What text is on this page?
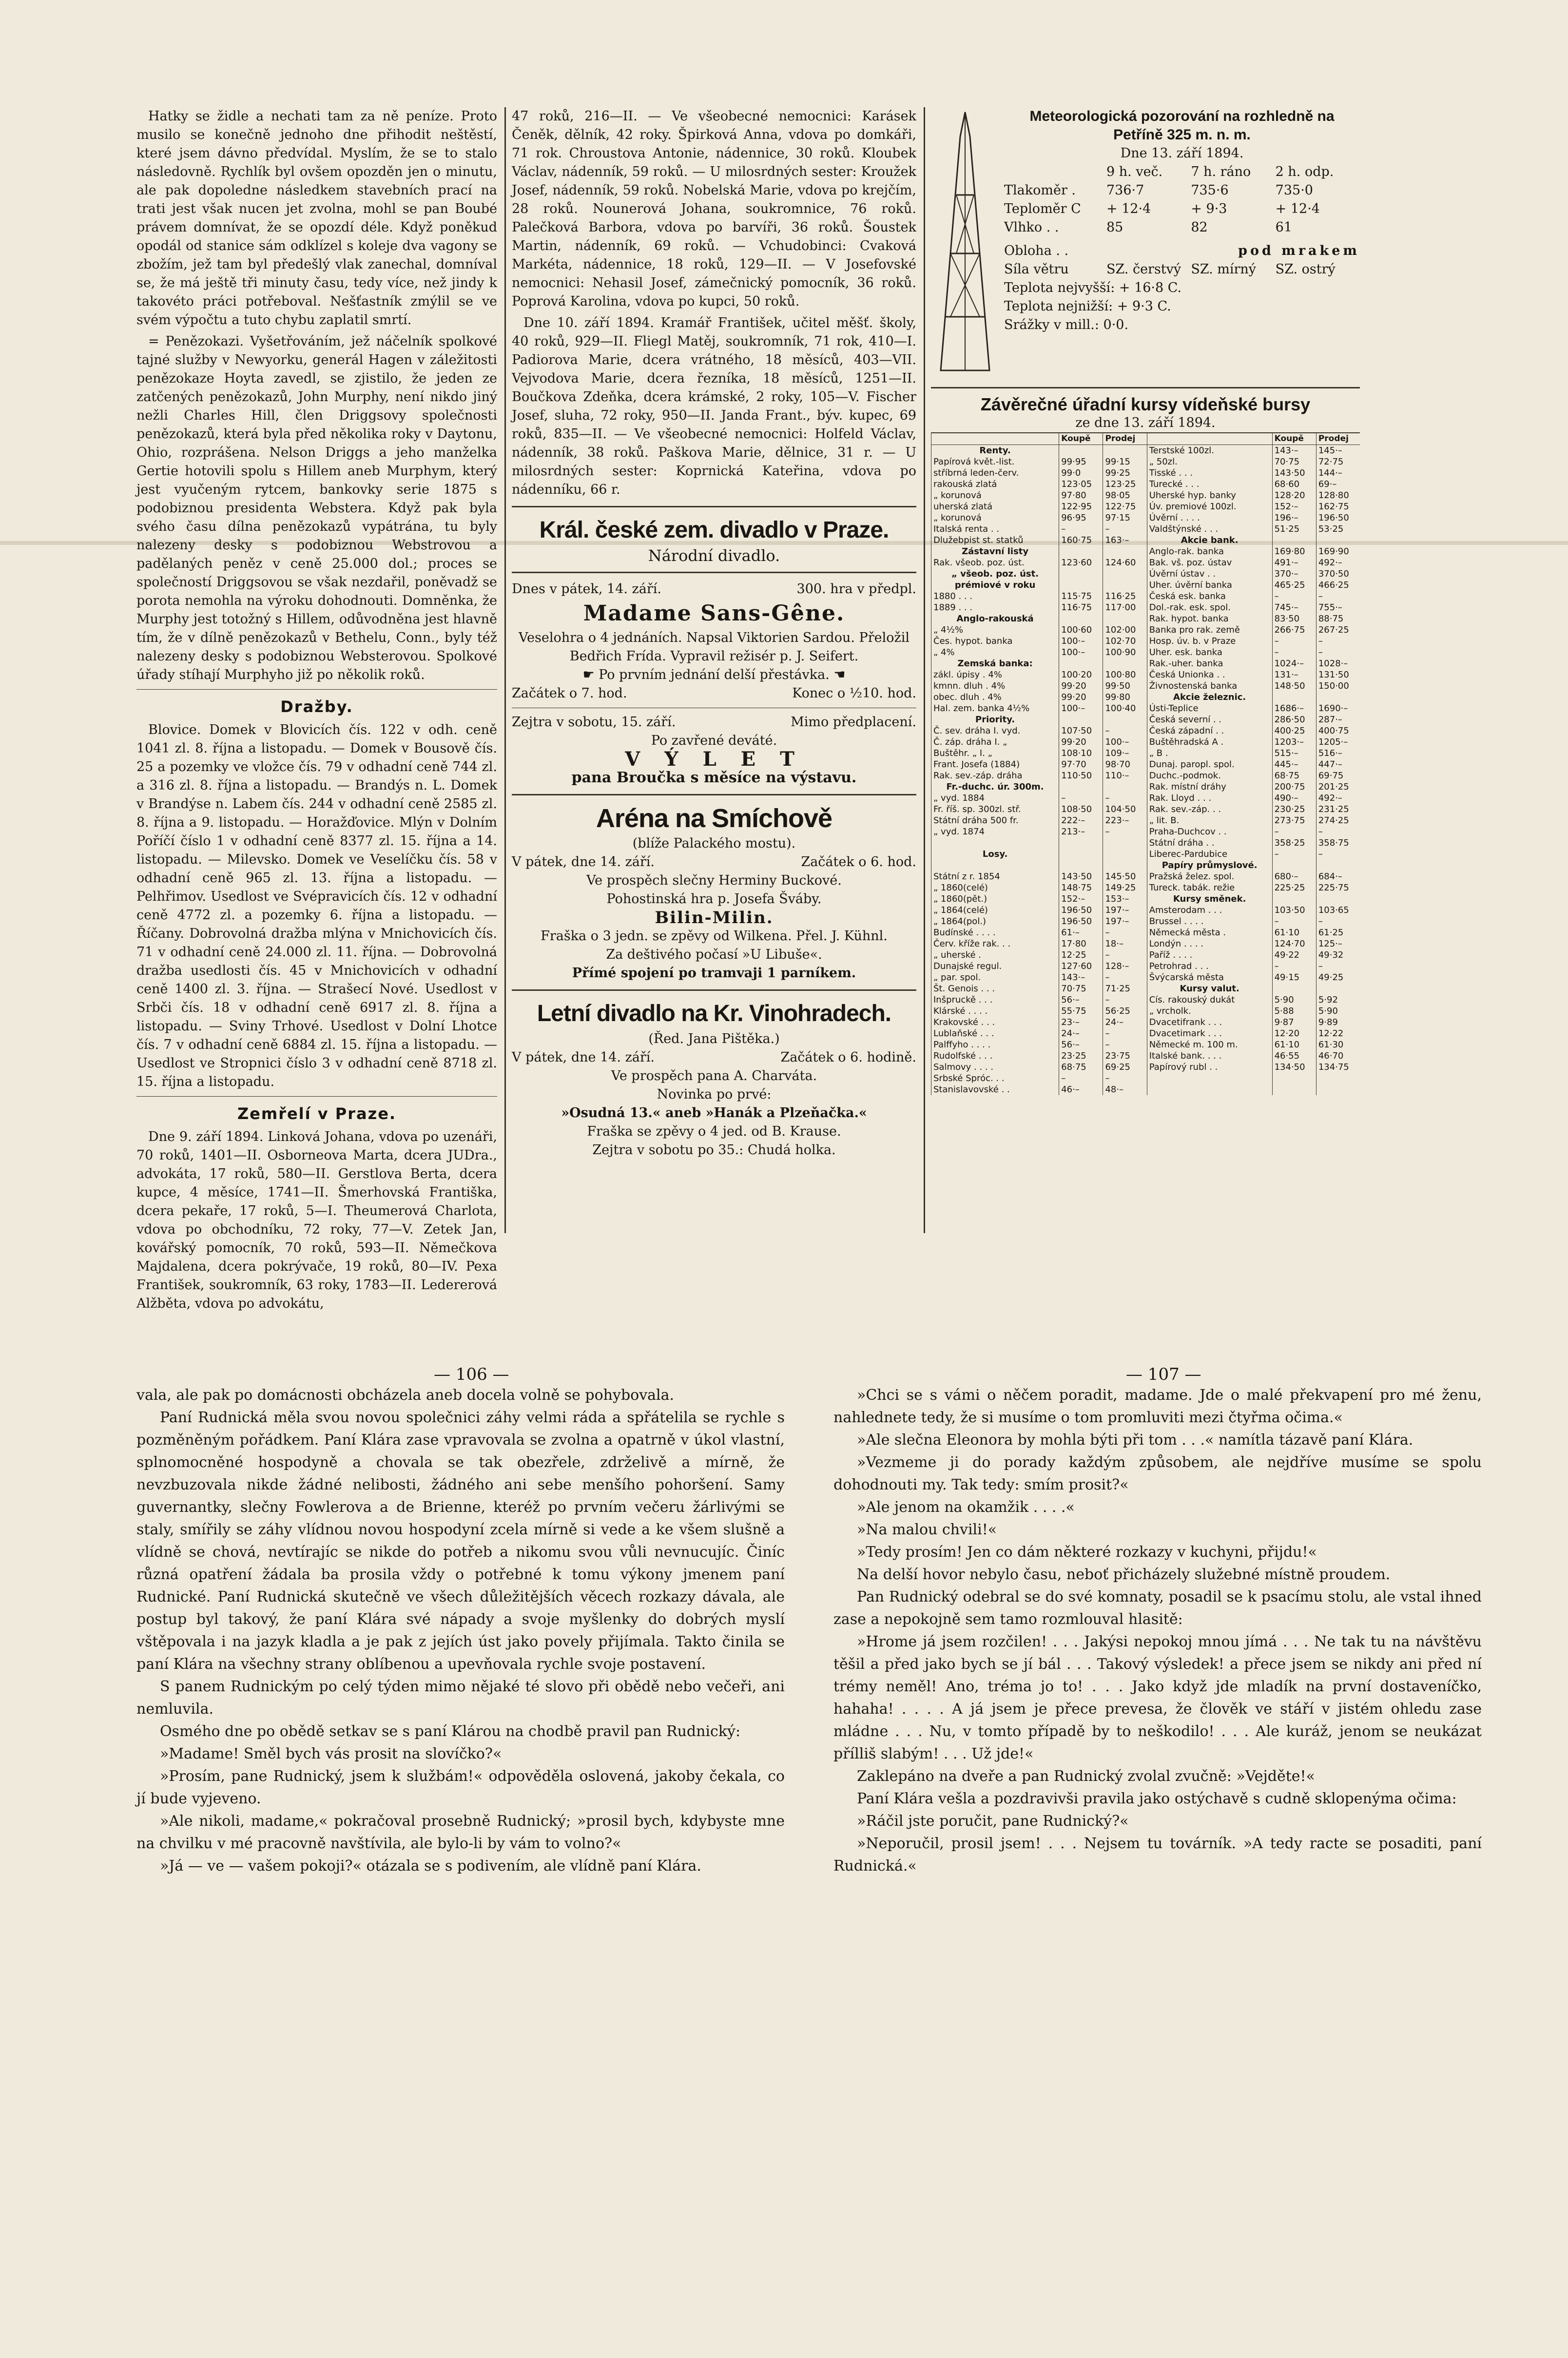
Hatky se židle a nechati tam za ně peníze. Proto musilo se konečně jednoho dne přihodit neštěstí, které jsem dávno předvídal. Myslím, že se to stalo následovně. Rychlík byl ovšem opozděn jen o minutu, ale pak dopoledne následkem stavebních prací na trati jest však nucen jet zvolna, mohl se pan Boubé právem domnívat, že se opozdí déle. Když poněkud opodál od stanice sám odklízel s koleje dva vagony se zbožím, jež tam byl předešlý vlak zanechal, domníval se, že má ještě tři minuty času, tedy více, než jindy k takovéto práci potřeboval. Nešťastník zmýlil se ve svém výpočtu a tuto chybu zaplatil smrtí.

= Penězokazi. Vyšetřováním, jež náčelník spolkové tajné služby v Newyorku, generál Hagen v záležitosti penězokaze Hoyta zavedl, se zjistilo, že jeden ze zatčených penězokazů, John Murphy, není nikdo jiný nežli Charles Hill, člen Driggsovy společnosti penězokazů, která byla před několika roky v Daytonu, Ohio, rozprášena. Nelson Driggs a jeho manželka Gertie hotovili spolu s Hillem aneb Murphym, který jest vyučeným rytcem, bankovky serie 1875 s podobiznou presidenta Webstera. Když pak byla svého času dílna penězokazů vypátrána, tu byly nalezeny desky s podobiznou Webstrovou a padělaných peněz v ceně 25.000 dol.; proces se společností Driggsovou se však nezdařil, poněvadž se porota nemohla na výroku dohodnouti. Domněnka, že Murphy jest totožný s Hillem, odůvodněna jest hlavně tím, že v dílně penězokazů v Bethelu, Conn., byly též nalezeny desky s podobiznou Websterovou. Spolkové úřady stíhají Murphyho již po několik roků.

Dražby.

Blovice. Domek v Blovicích čís. 122 v odh. ceně 1041 zl. 8. října a listopadu. — Domek v Bousově čís. 25 a pozemky ve vložce čís. 79 v odhadní ceně 744 zl. a 316 zl. 8. října a listopadu. — Brandýs n. L. Domek v Brandýse n. Labem čís. 244 v odhadní ceně 2585 zl. 8. října a 9. listopadu. — Horažďovice. Mlýn v Dolním Poříčí číslo 1 v odhadní ceně 8377 zl. 15. října a 14. listopadu. — Milevsko. Domek ve Veselíčku čís. 58 v odhadní ceně 965 zl. 13. října a listopadu. — Pelhřimov. Usedlost ve Svépravicích čís. 12 v odhadní ceně 4772 zl. a pozemky 6. října a listopadu. — Říčany. Dobrovolná dražba mlýna v Mnichovicích čís. 71 v odhadní ceně 24.000 zl. 11. října. — Dobrovolná dražba usedlosti čís. 45 v Mnichovicích v odhadní ceně 1400 zl. 3. října. — Strašecí Nové. Usedlost v Srbči čís. 18 v odhadní ceně 6917 zl. 8. října a listopadu. — Sviny Trhové. Usedlost v Dolní Lhotce čís. 7 v odhadní ceně 6884 zl. 15. října a listopadu. — Usedlost ve Stropnici číslo 3 v odhadní ceně 8718 zl. 15. října a listopadu.

Zemřelí v Praze.

Dne 9. září 1894. Linková Johana, vdova po uzenáři, 70 roků, 1401—II. Osborneova Marta, dcera JUDra., advokáta, 17 roků, 580—II. Gerstlova Berta, dcera kupce, 4 měsíce, 1741—II. Šmerhovská Františka, dcera pekaře, 17 roků, 5—I. Theumerová Charlota, vdova po obchodníku, 72 roky, 77—V. Zetek Jan, kovářský pomocník, 70 roků, 593—II. Němečkova Majdalena, dcera pokrývače, 19 roků, 80—IV. Pexa František, soukromník, 63 roky, 1783—II. Ledererová Alžběta, vdova po advokátu,

47 roků, 216—II. — Ve všeobecné nemocnici: Karásek Čeněk, dělník, 42 roky. Špirková Anna, vdova po domkáři, 71 rok. Chroustova Antonie, nádennice, 30 roků. Kloubek Václav, nádenník, 59 roků. — U milosrdných sester: Kroužek Josef, nádenník, 59 roků. Nobelská Marie, vdova po krejčím, 28 roků. Nounerová Johana, soukromnice, 76 roků. Palečková Barbora, vdova po barvíři, 36 roků. Šoustek Martin, nádenník, 69 roků. — Vchudobinci: Cvaková Markéta, nádennice, 18 roků, 129—II. — V Josefovské nemocnici: Nehasil Josef, zámečnický pomocník, 36 roků. Poprová Karolina, vdova po kupci, 50 roků.

Dne 10. září 1894. Kramář František, učitel měšť. školy, 40 roků, 929—II. Fliegl Matěj, soukromník, 71 rok, 410—I. Padiorova Marie, dcera vrátného, 18 měsíců, 403—VII. Vejvodova Marie, dcera řezníka, 18 měsíců, 1251—II. Boučkova Zdeňka, dcera krámské, 2 roky, 105—V. Fischer Josef, sluha, 72 roky, 950—II. Janda Frant., býv. kupec, 69 roků, 835—II. — Ve všeobecné nemocnici: Holfeld Václav, nádenník, 38 roků. Paškova Marie, dělnice, 31 r. — U milosrdných sester: Koprnická Kateřina, vdova po nádenníku, 66 r.

Král. české zem. divadlo v Praze.
Národní divadlo.
Dnes v pátek, 14. září.	300. hra v předpl.
Madame Sans-Gêne.
Veselohra o 4 jednáních. Napsal Viktorien Sardou. Přeložil Bedřich Frída. Vypravil režisér p. J. Seifert.
☛ Po prvním jednání delší přestávka. ☚
Začátek o 7. hod.	Konec o ½10. hod.
Zejtra v sobotu, 15. září.	Mimo předplacení.
Po zavřené deváté.
V Ý L E T
pana Broučka s měsíce na výstavu.
Aréna na Smíchově
(blíže Palackého mostu).
V pátek, dne 14. září.	Začátek o 6. hod.
Ve prospěch slečny Herminy Buckové.
Pohostinská hra p. Josefa Šváby.
Bilin-Milin.
Fraška o 3 jedn. se zpěvy od Wilkena. Přel. J. Kühnl.
Za deštivého počasí »U Libuše«.
Přímé spojení po tramvaji 1 parníkem.
Letní divadlo na Kr. Vinohradech.
(Řed. Jana Pištěka.)
V pátek, dne 14. září.	Začátek o 6. hodině.
Ve prospěch pana A. Charváta.
Novinka po prvé:
»Osudná 13.« aneb »Hanák a Plzeňačka.«
Fraška se zpěvy o 4 jed. od B. Krause.
Zejtra v sobotu po 35.: Chudá holka.
Meteorologická pozorování na rozhledně na Petříně 325 m. n. m.
Dne 13. září 1894.
9 h. več.	7 h. ráno	2 h. odp.
Tlakoměr .	736·7	735·6	735·0
Teploměr C	+ 12·4	+ 9·3	+ 12·4
Vlhko . .	85	82	61
Obloha . .	pod mrakem
Síla větru	SZ. čerstvý SZ. mírný	SZ. ostrý
Teplota nejvyšší: + 16·8 C.
Teplota nejnižší: + 9·3 C.
Srážky v mill.: 0·0.
Závěrečné úřadní kursy vídeňské bursy
ze dne 13. září 1894.
	Koupě	Prodej		Koupě	Prodej
Renty.			Terstské 100zl.	143·–	145·–
Papírová květ.-list.	99·95	99·15	„ 50zl.	70·75	72·75
stříbrná leden-červ.	99·0	99·25	Tisské . . .	143·50	144·–
rakouská zlatá	123·05	123·25	Turecké . . .	68·60	69·–
„ korunová	97·80	98·05	Uherské hyp. banky	128·20	128·80
uherská zlatá	122·95	122·75	Úv. premiové 100zl.	152·–	162·75
„ korunová	96·95	97·15	Úvěrní . . . .	196·–	196·50
Italská renta . .	–	–	Valdštýnské . . .	51·25	53·25
Dlužebpist st. statků	160·75	163·–	Akcie bank.		
Zástavní listy			Anglo-rak. banka	169·80	169·90
Rak. všeob. poz. úst.	123·60	124·60	Bak. vš. poz. ústav	491·–	492·–
„ všeob. poz. úst.			Úvěrní ústav . .	370·–	370·50
prémiové v roku			Uher. úvěrní banka	465·25	466·25
1880 . . .	115·75	116·25	Česká esk. banka	–	–
1889 . . .	116·75	117·00	Dol.-rak. esk. spol.	745·–	755·–
Anglo-rakouská			Rak. hypot. banka	83·50	88·75
„ 4½%	100·60	102·00	Banka pro rak. země	266·75	267·25
Čes. hypot. banka	100·–	102·70	Hosp. úv. b. v Praze	–	–
„ 4%	100·–	100·90	Uher. esk. banka	–	–
Zemská banka:			Rak.-uher. banka	1024·–	1028·–
zákl. úpisy . 4%	100·20	100·80	Česká Unionka . .	131·–	131·50
kmnn. dluh . 4%	99·20	99·50	Živnostenská banka	148·50	150·00
obec. dluh . 4%	99·20	99·80	Akcie železnic.		
Hal. zem. banka 4½%	100·–	100·40	Ústi-Teplice	1686·–	1690·–
Priority.			Česká severní . .	286·50	287·–
Č. sev. dráha I. vyd.	107·50	–	Česká západní . .	400·25	400·75
Č. záp. dráha I. „	99·20	100·–	Buštěhradská A .	1203·–	1205·–
Buštěhr. „ I. „	108·10	109·–	„ B .	515·–	516·–
Frant. Josefa (1884)	97·70	98·70	Dunaj. paropl. spol.	445·–	447·–
Rak. sev.-záp. dráha	110·50	110·–	Duchc.-podmok.	68·75	69·75
Fr.-duchc. úr. 300m.			Rak. místní dráhy	200·75	201·25
„ vyd. 1884	–	–	Rak. Lloyd . . .	490·–	492·–
Fr. říš. sp. 300zl. stř.	108·50	104·50	Rak. sev.-záp. . .	230·25	231·25
Státní dráha 500 fr.	222·–	223·–	„ lit. B.	273·75	274·25
„ vyd. 1874	213·–	–	Praha-Duchcov . .	–	–
			Státní dráha . .	358·25	358·75
Losy.			Liberec-Pardubice	–	–
			Papíry průmyslové.		
Státní z r. 1854	143·50	145·50	Pražská želez. spol.	680·–	684·–
„ 1860(celé)	148·75	149·25	Tureck. tabák. režie	225·25	225·75
„ 1860(pět.)	152·–	153·–	Kursy směnek.		
„ 1864(celé)	196·50	197·–	Amsterodam . . .	103·50	103·65
„ 1864(pol.)	196·50	197·–	Brussel . . . .	–	–
Budínské . . . .	61·–	–	Německá města .	61·10	61·25
Červ. kříže rak. . .	17·80	18·–	Londýn . . . .	124·70	125·–
„ uherské .	12·25	–	Paříž . . . .	49·22	49·32
Dunajské regul.	127·60	128·–	Petrohrad . . .	–	–
„ par. spol.	143·–	–	Švýcarská města	49·15	49·25
Št. Genois . . .	70·75	71·25	Kursy valut.		
Inšpruckě . . .	56·–	–	Cís. rakouský dukát	5·90	5·92
Klárské . . . .	55·75	56·25	„ vrcholk.	5·88	5·90
Krakovské . . .	23·–	24·–	Dvacetifrank . . .	9·87	9·89
Lublaňské . . .	24·–	–	Dvacetimark . . .	12·20	12·22
Palffyho . . . .	56·–	–	Německé m. 100 m.	61·10	61·30
Rudolfské . . .	23·25	23·75	Italské bank. . . .	46·55	46·70
Salmovy . . . .	68·75	69·25	Papírový rubl . .	134·50	134·75
Srbské Spróc. . .	–	–			
Stanislavovské . .	46·–	48·–			
— 106 —	— 107 —

vala, ale pak po domácnosti obcházela aneb docela volně se pohybovala.

Paní Rudnická měla svou novou společnici záhy velmi ráda a spřátelila se rychle s pozměněným pořádkem. Paní Klára zase vpravovala se zvolna a opatrně v úkol vlastní, splnomocněné hospodyně a chovala se tak obezřele, zdrželivě a mírně, že nevzbuzovala nikde žádné nelibosti, žádného ani sebe menšího pohoršení. Samy guvernantky, slečny Fowlerova a de Brienne, kteréž po prvním večeru žárlivými se staly, smířily se záhy vlídnou novou hospodyní zcela mírně si vede a ke všem slušně a vlídně se chová, nevtírajíc se nikde do potřeb a nikomu svou vůli nevnucujíc. Činíc různá opatření žádala ba prosila vždy o potřebné k tomu výkony jmenem paní Rudnické. Paní Rudnická skutečně ve všech důležitějších věcech rozkazy dávala, ale postup byl takový, že paní Klára své nápady a svoje myšlenky do dobrých myslí vštěpovala i na jazyk kladla a je pak z jejích úst jako povely přijímala. Takto činila se paní Klára na všechny strany oblíbenou a upevňovala rychle svoje postavení.

S panem Rudnickým po celý týden mimo nějaké té slovo při obědě nebo večeři, ani nemluvila.

Osmého dne po obědě setkav se s paní Klárou na chodbě pravil pan Rudnický:

»Madame! Směl bych vás prosit na slovíčko?«

»Prosím, pane Rudnický, jsem k službám!« odpověděla oslovená, jakoby čekala, co jí bude vyjeveno.

»Ale nikoli, madame,« pokračoval prosebně Rudnický; »prosil bych, kdybyste mne na chvilku v mé pracovně navštívila, ale bylo-li by vám to volno?«

»Já — ve — vašem pokoji?« otázala se s podivením, ale vlídně paní Klára.

»Chci se s vámi o něčem poradit, madame. Jde o malé překvapení pro mé ženu, nahlednete tedy, že si musíme o tom promluviti mezi čtyřma očima.«

»Ale slečna Eleonora by mohla býti při tom . . .« namítla tázavě paní Klára.

»Vezmeme ji do porady každým způsobem, ale nejdříve musíme se spolu dohodnouti my. Tak tedy: smím prosit?«

»Ale jenom na okamžik . . . .«

»Na malou chvili!«

»Tedy prosím! Jen co dám některé rozkazy v kuchyni, přijdu!«

Na delší hovor nebylo času, neboť přicházely služebné místně proudem.

Pan Rudnický odebral se do své komnaty, posadil se k psacímu stolu, ale vstal ihned zase a nepokojně sem tamo rozmlouval hlasitě:

»Hrome já jsem rozčilen! . . . Jakýsi nepokoj mnou jímá . . . Ne tak tu na návštěvu těšil a před jako bych se jí bál . . . Takový výsledek! a přece jsem se nikdy ani před ní trémy neměl! Ano, tréma jo to! . . . Jako když jde mladík na první dostaveníčko, hahaha! . . . . A já jsem je přece prevesa, že člověk ve stáří v jistém ohledu zase mládne . . . Nu, v tomto případě by to neškodilo! . . . Ale kuráž, jenom se neukázat přílliš slabým! . . . Už jde!«

Zaklepáno na dveře a pan Rudnický zvolal zvučně: »Vejděte!«

Paní Klára vešla a pozdravivši pravila jako ostýchavě s cudně sklopenýma očima:

»Ráčil jste poručit, pane Rudnický?«

»Neporučil, prosil jsem! . . . Nejsem tu továrník. »A tedy racte se posaditi, paní Rudnická.«
